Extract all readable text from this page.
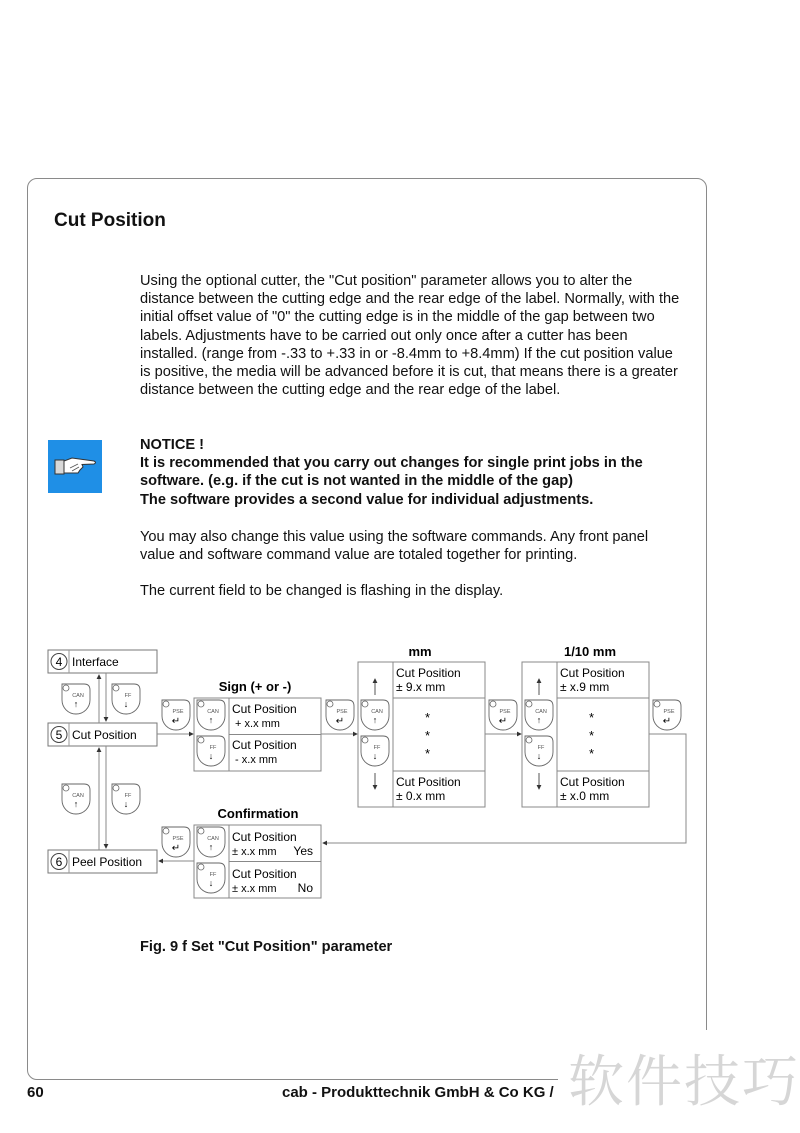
Cut Position

Using the optional cutter, the "Cut position" parameter allows you to alter the distance between the cutting edge and the rear edge of the label. Normally, with the initial offset value of "0" the cutting edge is in the middle of the gap between two labels. Adjustments have to be carried out only once after a cutter has been installed. (range from -.33 to +.33 in or -8.4mm to +8.4mm) If the cut position value is positive, the media will be advanced before it is cut, that means there is a greater distance between the cutting edge and the rear edge of the label.

NOTICE !
It is recommended that you carry out changes for single print jobs in the software. (e.g. if the cut is not wanted in the middle of the gap)
The software provides a second value for individual adjustments.

You may also change this value using the software commands. Any front panel value and software command value are totaled together for printing.

The current field to be changed is flashing in the display.

4 Interface
5 Cut Position
6 Peel Position
CAN
↑
FF
↓
CAN
↑
FF
↓
PSE
↵
Sign (+ or -)
CAN
↑
FF
↓
Cut Position
+ x.x mm
Cut Position
- x.x mm
PSE
↵
mm
CAN
↑
FF
↓
Cut Position
± 9.x mm
*
*
*
Cut Position
± 0.x mm
PSE
↵
1/10 mm
CAN
↑
FF
↓
Cut Position
± x.9 mm
*
*
*
Cut Position
± x.0 mm
PSE
↵
Confirmation
CAN
↑
FF
↓
Cut Position
± x.x mm Yes
Cut Position
± x.x mm No
PSE
↵

Fig. 9 f Set "Cut Position" parameter

60	cab - Produkttechnik GmbH & Co KG / 软件技巧
